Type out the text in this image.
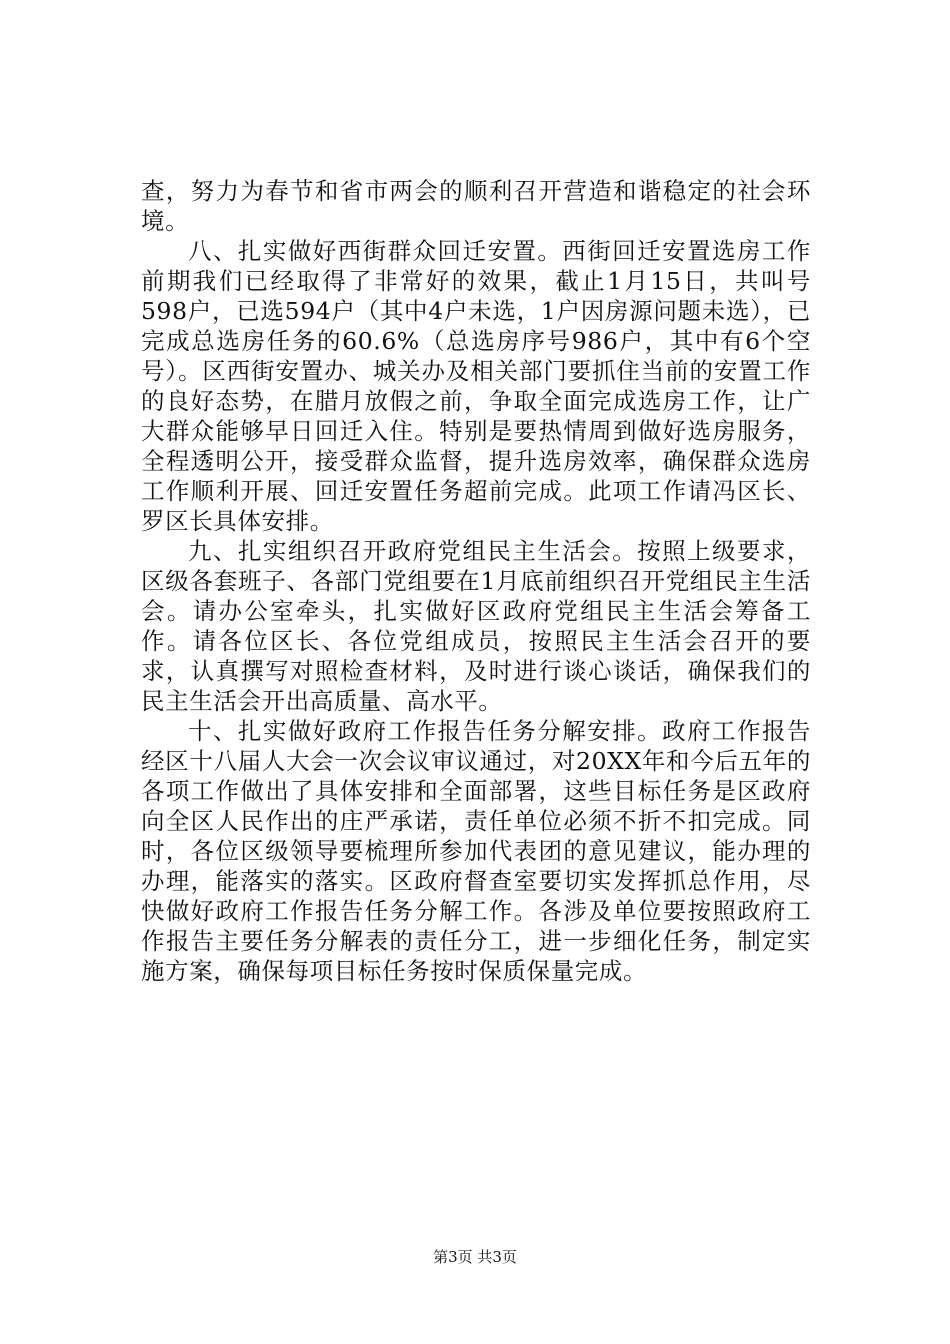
查，努力为春节和省市两会的顺利召开营造和谐稳定的社会环境。

八、扎实做好西街群众回迁安置。西街回迁安置选房工作前期我们已经取得了非常好的效果，截止1月15日，共叫号598户，已选594户（其中4户未选，1户因房源问题未选），已完成总选房任务的60.6%（总选房序号986户，其中有6个空号）。区西街安置办、城关办及相关部门要抓住当前的安置工作的良好态势，在腊月放假之前，争取全面完成选房工作，让广大群众能够早日回迁入住。特别是要热情周到做好选房服务，全程透明公开，接受群众监督，提升选房效率，确保群众选房工作顺利开展、回迁安置任务超前完成。此项工作请冯区长、罗区长具体安排。

九、扎实组织召开政府党组民主生活会。按照上级要求，区级各套班子、各部门党组要在1月底前组织召开党组民主生活会。请办公室牵头，扎实做好区政府党组民主生活会筹备工作。请各位区长、各位党组成员，按照民主生活会召开的要求，认真撰写对照检查材料，及时进行谈心谈话，确保我们的民主生活会开出高质量、高水平。

十、扎实做好政府工作报告任务分解安排。政府工作报告经区十八届人大会一次会议审议通过，对20XX年和今后五年的各项工作做出了具体安排和全面部署，这些目标任务是区政府向全区人民作出的庄严承诺，责任单位必须不折不扣完成。同时，各位区级领导要梳理所参加代表团的意见建议，能办理的办理，能落实的落实。区政府督查室要切实发挥抓总作用，尽快做好政府工作报告任务分解工作。各涉及单位要按照政府工作报告主要任务分解表的责任分工，进一步细化任务，制定实施方案，确保每项目标任务按时保质保量完成。

第3页 共3页
